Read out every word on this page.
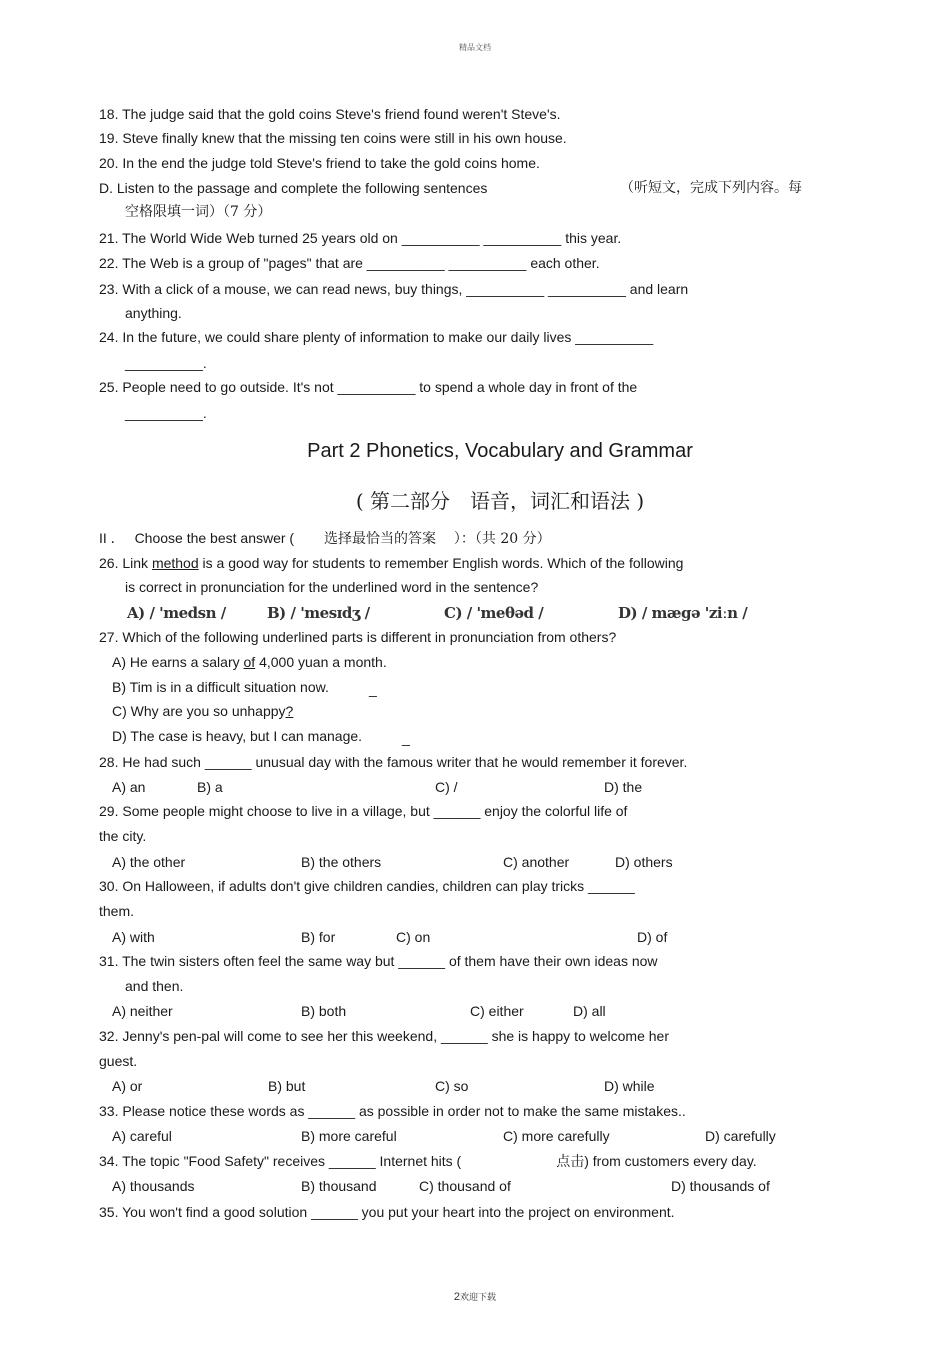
精品文档
18. The judge said that the gold coins Steve's friend found weren't Steve's.
19. Steve finally knew that the missing ten coins were still in his own house.
20. In the end the judge told Steve's friend to take the gold coins home.
D. Listen to the passage and complete the following sentences	（听短文，完成下列内容。每
空格限填一词）（7 分）
21. The World Wide Web turned 25 years old on __________ __________ this year.
22. The Web is a group of "pages" that are __________ __________ each other.
23. With a click of a mouse, we can read news, buy things, __________ __________ and learn
anything.
24. In the future, we could share plenty of information to make our daily lives __________
__________.
25. People need to go outside. It's not __________ to spend a whole day in front of the
__________.
Part 2 Phonetics, Vocabulary and Grammar
( 第二部分　语音，词汇和语法 )
II ． Choose the best answer ( 选择最恰当的答案 ）：（共 20 分）
26. Link method is a good way for students to remember English words. Which of the following
is correct in pronunciation for the underlined word in the sentence?
A) / 'medsn /	B) / 'mesɪdʒ /	C) / 'meθəd /	D) / mægə 'ziːn /
27. Which of the following underlined parts is different in pronunciation from others?
A) He earns a salary of 4,000 yuan a month.
B) Tim is in a difficult situation now.	_
C) Why are you so unhappy?
D) The case is heavy, but I can manage.	_
28. He had such ______ unusual day with the famous writer that he would remember it forever.
A) an	B) a	C) /	D) the
29. Some people might choose to live in a village, but ______ enjoy the colorful life of
the city.
A) the other	B) the others	C) another	D) others
30. On Halloween, if adults don't give children candies, children can play tricks ______
them.
A) with	B) for	C) on	D) of
31. The twin sisters often feel the same way but ______ of them have their own ideas now
and then.
A) neither	B) both	C) either	D) all
32. Jenny's pen-pal will come to see her this weekend, ______ she is happy to welcome her
guest.
A) or	B) but	C) so	D) while
33. Please notice these words as ______ as possible in order not to make the same mistakes..
A) careful	B) more careful	C) more carefully	D) carefully
34. The topic "Food Safety" receives ______ Internet hits (	点击) from customers every day.
A) thousands	B) thousand	C) thousand of	D) thousands of
35. You won't find a good solution ______ you put your heart into the project on environment.
2欢迎下载
